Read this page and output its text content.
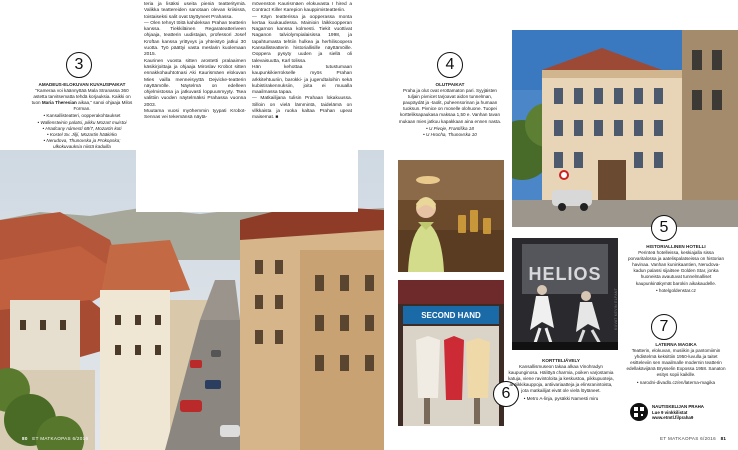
3
AMADEUS-ELOKUVAN KUVAUSPAIKAT

"Kameraa voi käännyttää Mala Stranassa 360 astetta tarvitsematta tehdä korjauksia. Kaikki on tuon Maria Theresian aikaa," sanoi ohjaaja Milos Forman.

• Kansallisteatteri, oopperakohtaukset
• Wallensteinin palatsi, pikku Mozart muistoi
• Hradcany námestí 68/7, Mozartin koti
• Kostel Sv. Jiljí, Mozartin hääkirko
• Nerudova, Thunovska ja Prokopska; ulkokuvauksia niistä kaduilla

teria ja lisäksi useita pieniä teatteritymiä. Valikka teattereiden sanotaan olevan kriisissä, toistaiseksi salit ovat täyttyneet Prahassa.

— Olen tehnyt töitä kahdeksan Prahan teatterin kanssa. Tiekkiläinen Regarateatteriveen ohjaaja, teatterin uudistajan, professori Josef Kroftan kanssa yrittyvys ja yhteistyö jatkui 30 vuotta. Työ päättyi vasta meslarin kuolemaan 2015.

Kaurinen vuosta sitten arostetti pralaaimen käsikirjoittaja ja ohjaaja Miroslav Krobot sitten ennakkohauhtotnasi Aki Kaurismäen elokuvan Mies vailla menneisyyttä Dejvicke-teatterin näyttämölle. Näytelmä on edelleen ohjelmistossa ja jatkuvasti loppuunmyyty. Tsea valittiin vuoden näytelmäksi Prahassa vuonna 2003.

Muutama vuosi myöhemmin tyypati Krobot-Sennas vei tekemänsä näytä-

mövenston Kaurismäen elokuvasta I hired a Contract Killer Karepion kauppimisteatteriin.

— Käyn teatterissa ja oopperassa monta kertaa kuukaudessa. Mainioin läikkoopperan Nagarnon kanssa kolmesti. Tiekit vuottivat Naganon talviolympialaisissa 1998, ja tapahtumasta tehtiin hulkea ja herhilisoopera Kansallisteatterin historiallisille näyttämöille. Ooppera pysyty uuden ja siellä oli talevaisuutta, Karl tolissa.

Hän kehottaa tutustumaan kaupunkikierrokselle myös Prahan arkkitehtuuriin, barokki- ja jugendtaloihin sekä kubistirakennuksiin, joita ei muualla maailmassa tapaa.

— Matkailijana tulisin Prahaan lokakuussa. Silloin on vielä lämmintä, taidelämä on vilkkaista ja ruoka kaltaa Prahan upeat maisemat. ■

80 ET MATKAOPAS 6/2016
4
OLUTPAIKAT

Praha ja olut ovat erottamaton pari. Syyjäisten tuljain pivnicet tarjoavat aidon tunnelman, paupäydät ja -taolit, puheensorinan ja humaan tuoksun. Pivnice on monelle olohuone. Tuopei kortteliksapaukasa maksaa 1,50 e. Vanhan tavan mukaan mies jatkuu kapakkaan aina ennen nasta.

• U Pivoje, Františka 18
• U Hrocha, Thunovska 10
SECOND HAND
6
HELIOS
KUVAT KEVIN ELFANT
5
HISTORIALLINEN HOTELLI

Perinteä hotelleissa, keskiajalla sissa porvaritalossa ja aatelispalatseissa on historian havinaa. Vanhan kuninkaantien, Nerudova-kadun palassi sijaitsee Golden Star, jonka huoneista avautuvat tunnelmalliset kaupunkinäkymät barokin aikakaudelle.

• hotelgoldenstar.cz
7
LATERNA MAGIKA

Teatterin, elokuvan, musiikin ja pantomiimin yhdistelmä keksittiin 1950-luvulla ja taitet esitteleviin sen maailmalle modernin teatterin edellakävijänä Brysselin Expossa 1958. Sanaton esitys sopii kaikille.

• narodni-divadlo.cz/en/laterna-magika
KORTTELIÄVELY

Kansallismuseon takaa alkaa Vinohradyn kaupunginosa. Hälittyä charmia, poiken varjostamia katuja, viene ravintoloita ja keskustoa, pikkupuoteja, antiikkikauppoja, antiivariaatteja ja elinsranintoista, jota matkailijat eivät ole vielä löytäneet.

• Metro A-linja, pysäkki Namesti miru
NAUTISKELIJAN PRAHA
Lue 9 vinkkilistat
www.etmtl.fi/praha9
ET MATKAOPAS 6/2016 81
